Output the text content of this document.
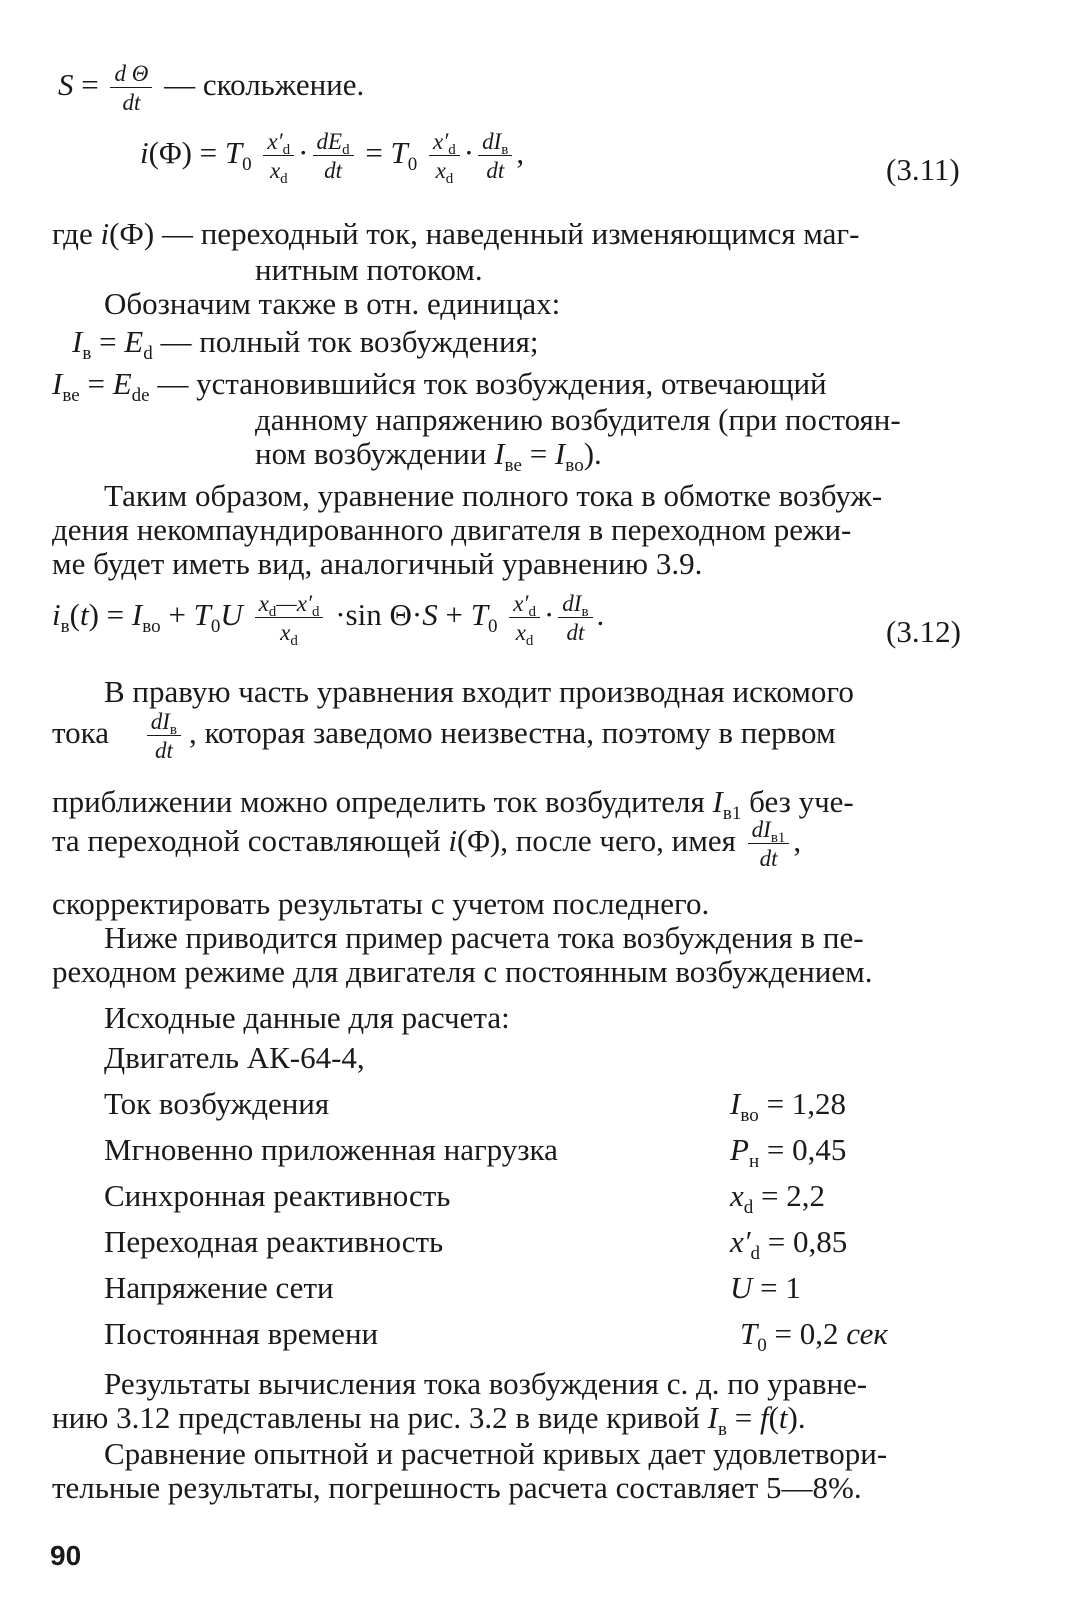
$S = \frac{\text{d Θ}}{dt}$ — скольжение.
$i(\Phi) = T_0 \frac{x'_d}{x_d} \cdot \frac{dE_d}{dt} = T_0 \frac{x'_d}{x_d} \cdot \frac{dI_в}{dt}$ ,	(3.11)
где i(Ф) — переходный ток, наведенный изменяющимся маг-
нитным потоком.
Обозначим также в отн. единицах:
$I_в = E_d$ — полный ток возбуждения;
$I_{вe} = E_{de}$ — установившийся ток возбуждения, отвечающий
данному напряжению возбудителя (при постоян-
ном возбуждении $I_{вe} = I_{вo}$).
Таким образом, уравнение полного тока в обмотке возбуж-
дения некомпаундированного двигателя в переходном режи-
ме будет иметь вид, аналогичный уравнению 3.9.
$i_в(t) = I_{вo} + T_0U \frac{x_d—x'_d}{x_d} \cdot\sin$ $\Theta\cdot S + T_0 \frac{x'_d}{x_d} \cdot \frac{dI_в}{dt}$ .	(3.12)
В правую часть уравнения входит производная искомого
тока $\frac{dI_в}{dt}$ , которая заведомо неизвестна, поэтому в первом
приближении можно определить ток возбудителя $I_{в1}$ без уче-
та переходной составляющей i(Φ), после чего, имея $\frac{dI_{в1}}{dt}$ ,
скорректировать результаты с учетом последнего.
Ниже приводится пример расчета тока возбуждения в пе-
реходном режиме для двигателя с постоянным возбуждением.
Исходные данные для расчета:
Двигатель АК-64-4,
Ток возбуждения	$I_{вo} = 1,28$
Мгновенно приложенная нагрузка	$P_н = 0,45$
Синхронная реактивность	$x_d = 2,2$
Переходная реактивность	$x'_d = 0,85$
Напряжение сети	U = 1
Постоянная времени	$T_0 = 0,2$ сек
Результаты вычисления тока возбуждения с. д. по уравне-
нию 3.12 представлены на рис. 3.2 в виде кривой $I_в = f(t)$.
Сравнение опытной и расчетной кривых дает удовлетвори-
тельные результаты, погрешность расчета составляет 5—8%.
90
